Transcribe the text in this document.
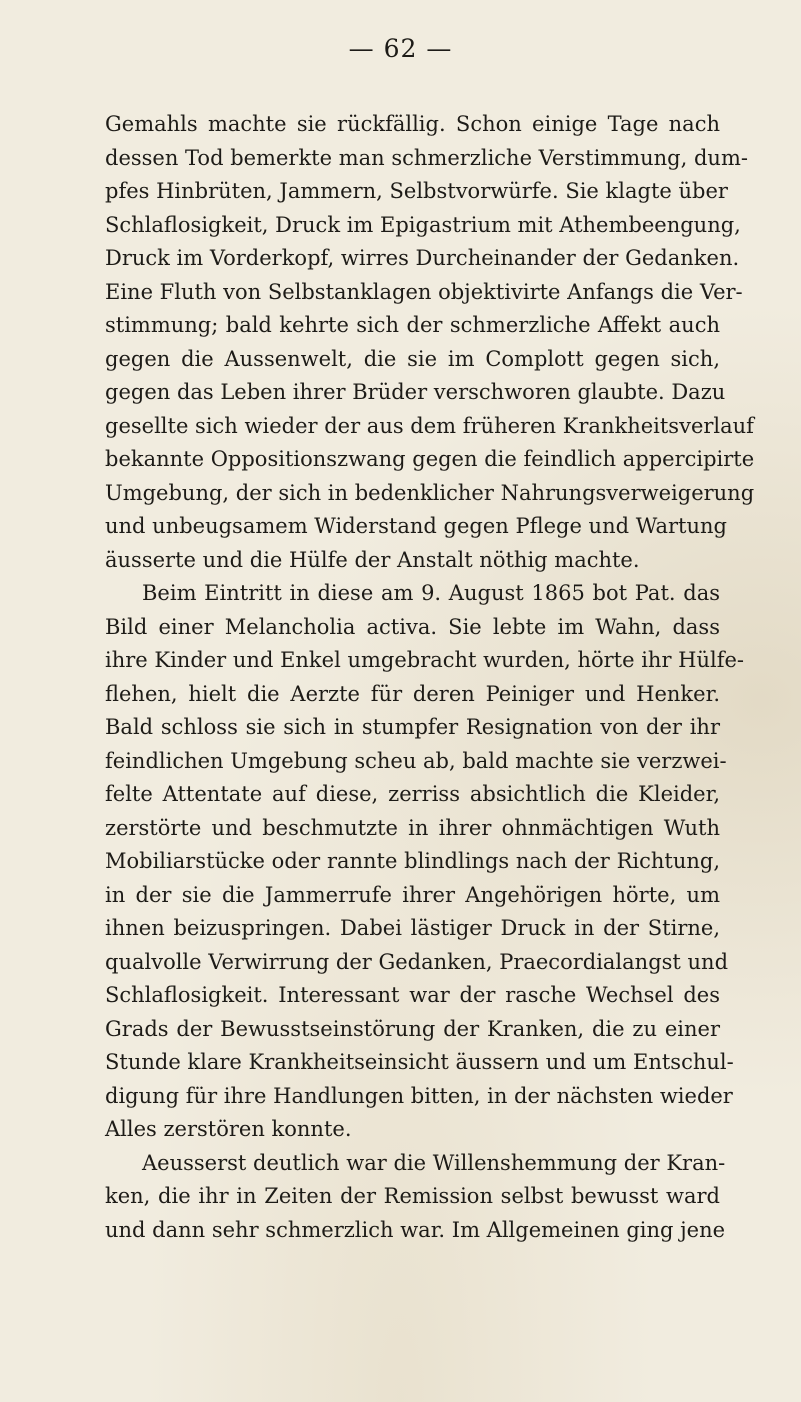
— 62 —
Gemahls machte sie rückfällig. Schon einige Tage nach
dessen Tod bemerkte man schmerzliche Verstimmung, dum-
pfes Hinbrüten, Jammern, Selbstvorwürfe. Sie klagte über
Schlaflosigkeit, Druck im Epigastrium mit Athembeengung,
Druck im Vorderkopf, wirres Durcheinander der Gedanken.
Eine Fluth von Selbstanklagen objektivirte Anfangs die Ver-
stimmung; bald kehrte sich der schmerzliche Affekt auch
gegen die Aussenwelt, die sie im Complott gegen sich,
gegen das Leben ihrer Brüder verschworen glaubte. Dazu
gesellte sich wieder der aus dem früheren Krankheitsverlauf
bekannte Oppositionszwang gegen die feindlich appercipirte
Umgebung, der sich in bedenklicher Nahrungsverweigerung
und unbeugsamem Widerstand gegen Pflege und Wartung
äusserte und die Hülfe der Anstalt nöthig machte.
Beim Eintritt in diese am 9. August 1865 bot Pat. das
Bild einer Melancholia activa. Sie lebte im Wahn, dass
ihre Kinder und Enkel umgebracht wurden, hörte ihr Hülfe-
flehen, hielt die Aerzte für deren Peiniger und Henker.
Bald schloss sie sich in stumpfer Resignation von der ihr
feindlichen Umgebung scheu ab, bald machte sie verzwei-
felte Attentate auf diese, zerriss absichtlich die Kleider,
zerstörte und beschmutzte in ihrer ohnmächtigen Wuth
Mobiliarstücke oder rannte blindlings nach der Richtung,
in der sie die Jammerrufe ihrer Angehörigen hörte, um
ihnen beizuspringen. Dabei lästiger Druck in der Stirne,
qualvolle Verwirrung der Gedanken, Praecordialangst und
Schlaflosigkeit. Interessant war der rasche Wechsel des
Grads der Bewusstseinstörung der Kranken, die zu einer
Stunde klare Krankheitseinsicht äussern und um Entschul-
digung für ihre Handlungen bitten, in der nächsten wieder
Alles zerstören konnte.
Aeusserst deutlich war die Willenshemmung der Kran-
ken, die ihr in Zeiten der Remission selbst bewusst ward
und dann sehr schmerzlich war. Im Allgemeinen ging jene
